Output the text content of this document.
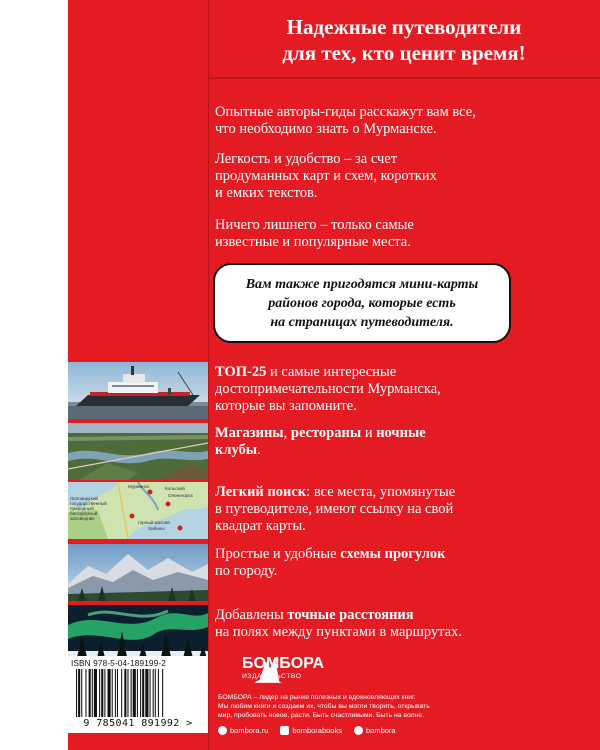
Надежные путеводители
для тех, кто ценит время!

Опытные авторы-гиды расскажут вам все,
что необходимо знать о Мурманске.

Легкость и удобство – за счет
продуманных карт и схем, коротких
и емких текстов.

Ничего лишнего – только самые
известные и популярные места.

Вам также пригодятся мини-карты
районов города, которые есть
на страницах путеводителя.

ТОП-25 и самые интересные
достопримечательности Мурманска,
которые вы запомните.

Магазины, рестораны и ночные
клубы.

Лапландский
государственный
природный
биосферный
заповедник
Мурманск	Кольский
Оленегорск
горный массив
Хибины

Легкий поиск: все места, упомянутые
в путеводителе, имеют ссылку на свой
квадрат карты.

Простые и удобные схемы прогулок
по городу.

Добавлены точные расстояния
на полях между пунктами в маршрутах.

ISBN 978-5-04-189199-2
9 785041 891992 >
БОМБОРА
ИЗДАТЕЛЬСТВО

БОМБОРА – лидер на рынке полезных и вдохновляющих книг.
Мы любим книги и создаем их, чтобы вы могли творить, открывать
мир, пробовать новое, расти. Быть счастливыми. Быть на волне.

bombora.ru	bomborabooks	bombora
